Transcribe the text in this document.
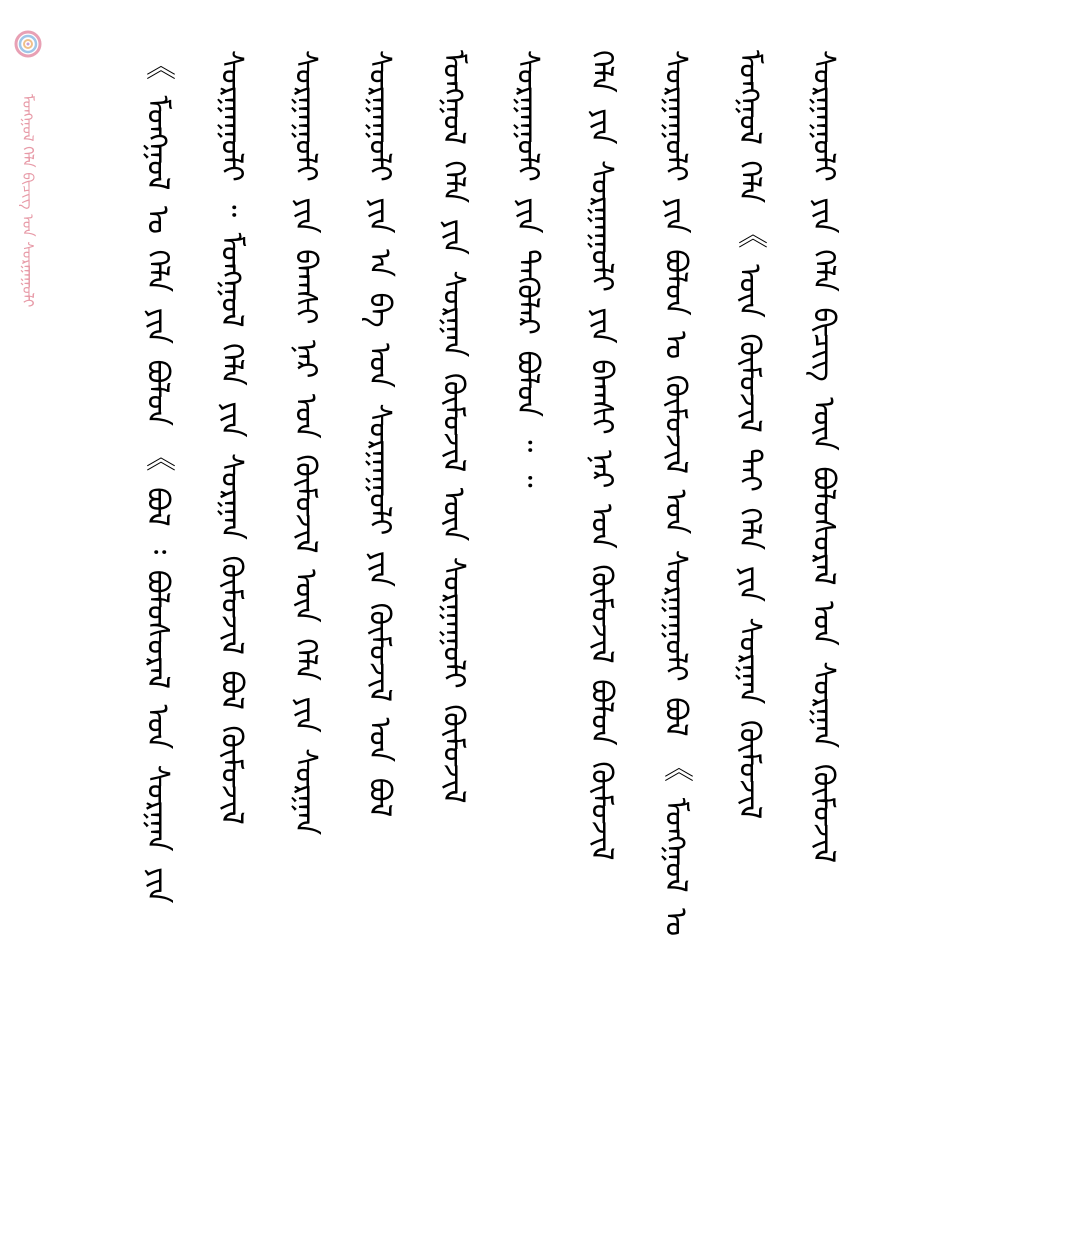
ᠮᠣᠩᠭᠣᠯ ᠬᠡᠯᠡ ᠪᠢᠴᠢᠭ ᠤᠨ ᠰᠤᠷᠭᠠᠭᠤᠯᠢ	《 ᠮᠣᠩᠭᠣᠯ ᠤ ᠬᠡᠯᠡ ᠶᠢᠨ ᠪᠣᠯᠣᠨ 《 ᠪᠣᠯ ᠄ ᠪᠣᠯᠣᠰᠤᠷᠠᠯ ᠤᠨ ᠰᠤᠷᠭᠠᠨ ᠶᠢᠨ	ᠰᠤᠷᠭᠠᠭᠤᠯᠢ ᠃ ᠮᠣᠩᠭᠣᠯ ᠬᠡᠯᠡ ᠶᠢᠨ ᠰᠤᠷᠭᠠᠨ ᠬᠦᠮᠦᠵᠢᠯ ᠪᠣᠯ ᠬᠦᠮᠦᠵᠢᠯ	ᠰᠤᠷᠭᠠᠭᠤᠯᠢ ᠶᠢᠨ ᠪᠠᠭᠰᠢ ᠨᠠᠷ ᠤᠨ ᠬᠦᠮᠦᠵᠢᠯ ᠦᠨ ᠬᠡᠯᠡ ᠶᠢᠨ ᠰᠤᠷᠭᠠᠨ	ᠰᠤᠷᠭᠠᠭᠤᠯᠢ ᠶᠢᠨ ᠠ ᠪᠠ ᠤᠨ ᠰᠤᠷᠭᠠᠭᠤᠯᠢ ᠶᠢᠨ ᠬᠦᠮᠦᠵᠢᠯ ᠤᠨ ᠪᠣᠯ	ᠮᠣᠩᠭᠣᠯ ᠬᠡᠯᠡ ᠶᠢᠨ ᠰᠤᠷᠭᠠᠨ ᠬᠦᠮᠦᠵᠢᠯ ᠦᠨ ᠰᠤᠷᠭᠠᠭᠤᠯᠢ ᠬᠦᠮᠦᠵᠢᠯ	ᠰᠤᠷᠭᠠᠭᠤᠯᠢ ᠶᠢᠨ ᠲᠡᠭᠦᠯᠡᠷ ᠪᠣᠯᠤᠨ ᠃ ᠃	ᠬᠡᠯᠡ ᠶᠢᠨ ᠰᠤᠷᠭᠠᠭᠤᠯᠢ ᠶᠢᠨ ᠪᠠᠭᠰᠢ ᠨᠠᠷ ᠤᠨ ᠬᠦᠮᠦᠵᠢᠯ ᠪᠣᠯᠣᠨ ᠬᠦᠮᠦᠵᠢᠯ	ᠰᠤᠷᠭᠠᠭᠤᠯᠢ ᠶᠢᠨ ᠪᠤᠯᠤᠨ ᠤ ᠬᠦᠮᠦᠵᠢᠯ ᠤᠨ ᠰᠤᠷᠭᠠᠭᠤᠯᠢ ᠪᠣᠯ 《 ᠮᠣᠩᠭᠣᠯ ᠤ	ᠮᠣᠩᠭᠣᠯ ᠬᠡᠯᠡ 《 ᠦᠨ ᠬᠦᠮᠦᠵᠢᠯ ᠲᠡᠶ ᠬᠡᠯᠡ ᠶᠢᠨ ᠰᠤᠷᠭᠠᠨ ᠬᠦᠮᠦᠵᠢᠯ	ᠰᠤᠷᠭᠠᠭᠤᠯᠢ ᠶᠢᠨ ᠬᠡᠯᠡ ᠪᠢᠴᠢᠭ ᠦᠨ ᠪᠣᠯᠣᠰᠤᠷᠠᠯ ᠤᠨ ᠰᠤᠷᠭᠠᠨ ᠬᠦᠮᠦᠵᠢᠯ
